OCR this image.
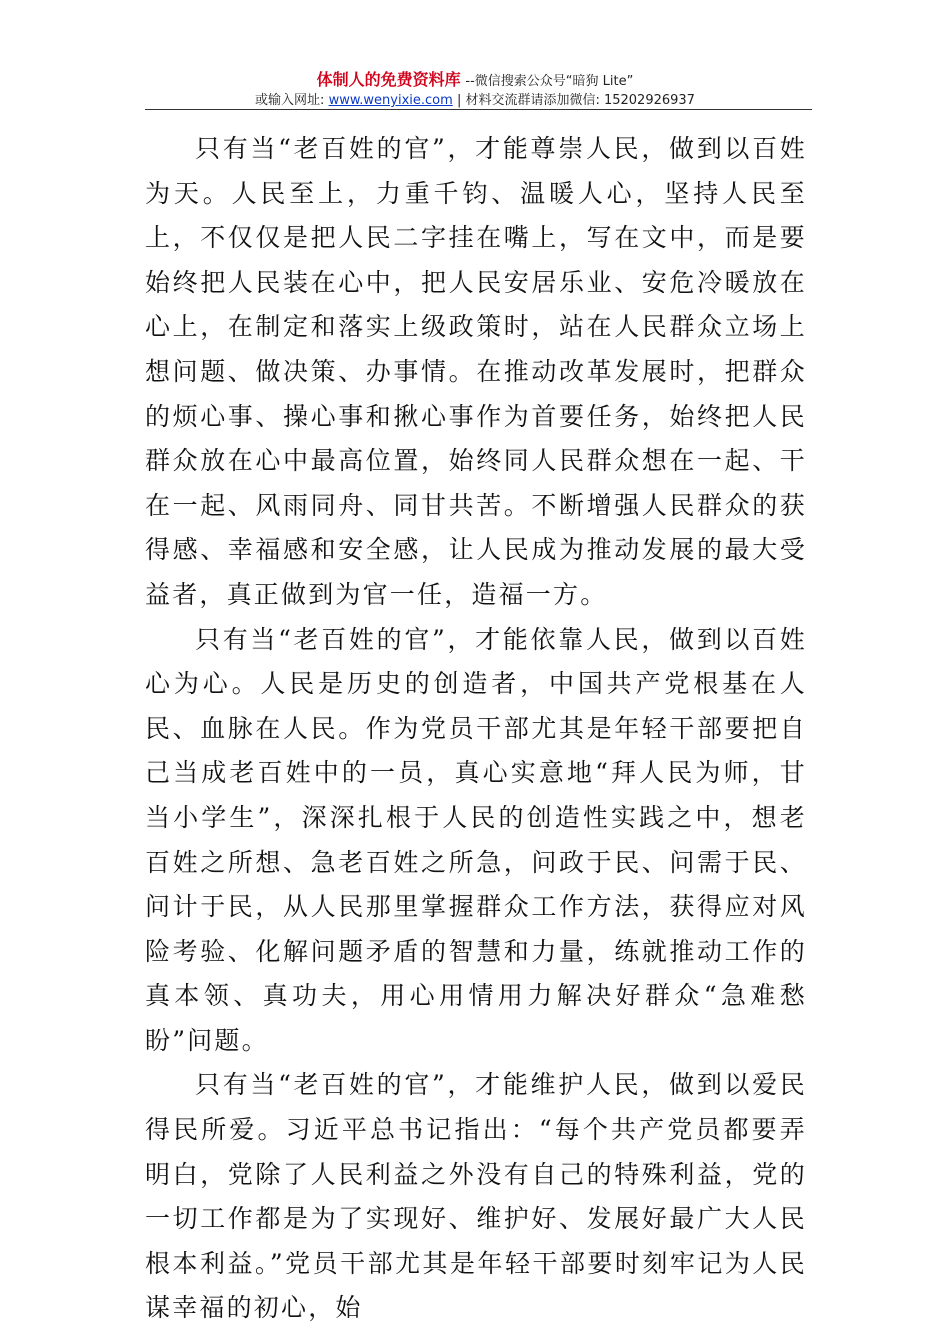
体制人的免费资料库 --微信搜索公众号“暗狗 Lite”
或输入网址: www.wenyixie.com | 材料交流群请添加微信: 15202926937

只有当“老百姓的官”，才能尊崇人民，做到以百姓为天。人民至上，力重千钧、温暖人心，坚持人民至上，不仅仅是把人民二字挂在嘴上，写在文中，而是要始终把人民装在心中，把人民安居乐业、安危冷暖放在心上，在制定和落实上级政策时，站在人民群众立场上想问题、做决策、办事情。在推动改革发展时，把群众的烦心事、操心事和揪心事作为首要任务，始终把人民群众放在心中最高位置，始终同人民群众想在一起、干在一起、风雨同舟、同甘共苦。不断增强人民群众的获得感、幸福感和安全感，让人民成为推动发展的最大受益者，真正做到为官一任，造福一方。

只有当“老百姓的官”，才能依靠人民，做到以百姓心为心。人民是历史的创造者，中国共产党根基在人民、血脉在人民。作为党员干部尤其是年轻干部要把自己当成老百姓中的一员，真心实意地“拜人民为师，甘当小学生”，深深扎根于人民的创造性实践之中，想老百姓之所想、急老百姓之所急，问政于民、问需于民、问计于民，从人民那里掌握群众工作方法，获得应对风险考验、化解问题矛盾的智慧和力量，练就推动工作的真本领、真功夫，用心用情用力解决好群众“急难愁盼”问题。

只有当“老百姓的官”，才能维护人民，做到以爱民得民所爱。习近平总书记指出：“每个共产党员都要弄明白，党除了人民利益之外没有自己的特殊利益，党的一切工作都是为了实现好、维护好、发展好最广大人民根本利益。”党员干部尤其是年轻干部要时刻牢记为人民谋幸福的初心，始
